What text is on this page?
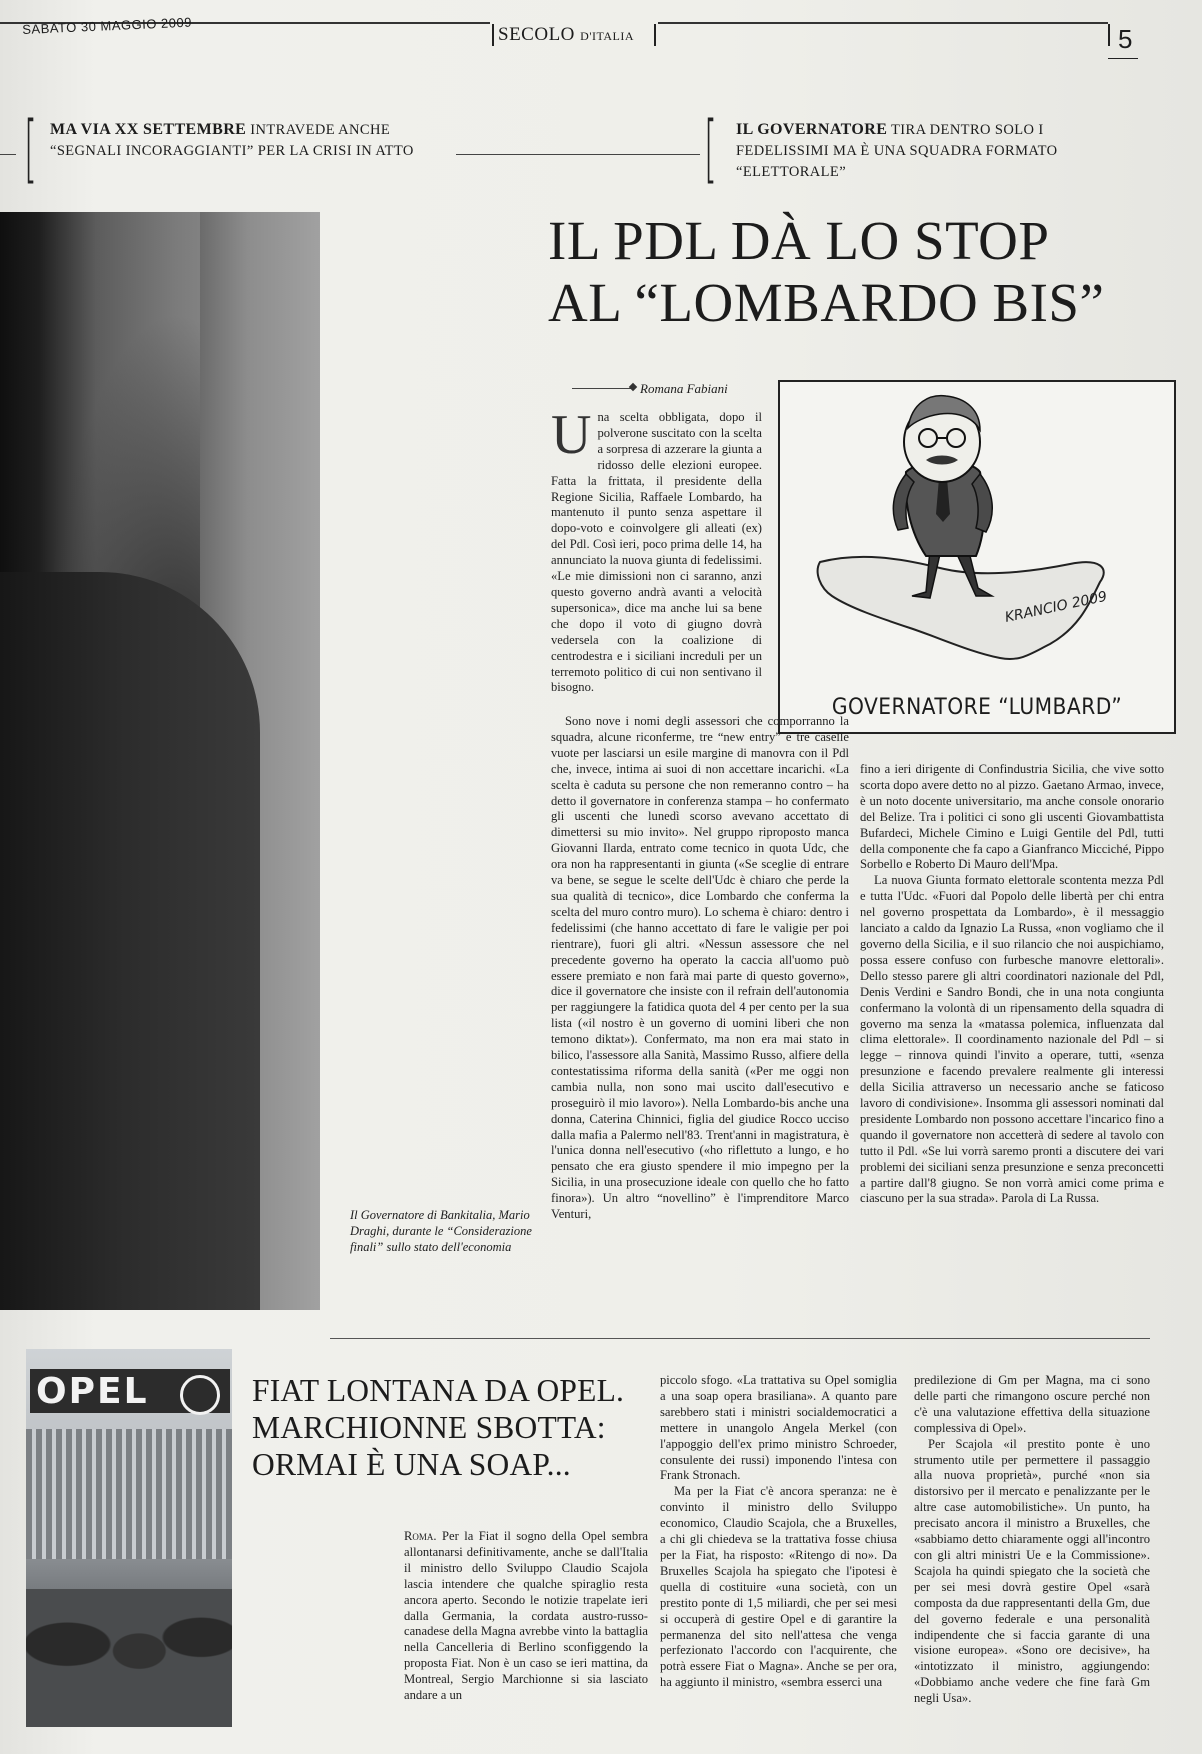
SABATO 30 MAGGIO 2009	SECOLO D'ITALIA	5
[ MA VIA XX SETTEMBRE INTRAVEDE ANCHE “SEGNALI INCORAGGIANTI” PER LA CRISI IN ATTO	[ IL GOVERNATORE TIRA DENTRO SOLO I FEDELISSIMI MA È UNA SQUADRA FORMATO “ELETTORALE”
IL PDL DÀ LO STOP
AL “LOMBARDO BIS”
Il Governatore di Bankitalia, Mario Draghi, durante le “Considerazione finali” sullo stato dell'economia
Romana Fabiani
KRANCIO 2009
GOVERNATORE “LUMBARD”

Una scelta obbligata, dopo il polverone suscitato con la scelta a sorpresa di azzerare la giunta a ridosso delle elezioni europee. Fatta la frittata, il presidente della Regione Sicilia, Raffaele Lombardo, ha mantenuto il punto senza aspettare il dopo-voto e coinvolgere gli alleati (ex) del Pdl. Così ieri, poco prima delle 14, ha annunciato la nuova giunta di fedelissimi. «Le mie dimissioni non ci saranno, anzi questo governo andrà avanti a velocità supersonica», dice ma anche lui sa bene che dopo il voto di giugno dovrà vedersela con la coalizione di centrodestra e i siciliani increduli per un terremoto politico di cui non sentivano il bisogno.

Sono nove i nomi degli assessori che comporranno la squadra, alcune riconferme, tre “new entry” e tre caselle vuote per lasciarsi un esile margine di manovra con il Pdl che, invece, intima ai suoi di non accettare incarichi. «La scelta è caduta su persone che non remeranno contro – ha detto il governatore in conferenza stampa – ho confermato gli uscenti che lunedì scorso avevano accettato di dimettersi su mio invito». Nel gruppo riproposto manca Giovanni Ilarda, entrato come tecnico in quota Udc, che ora non ha rappresentanti in giunta («Se sceglie di entrare va bene, se segue le scelte dell'Udc è chiaro che perde la sua qualità di tecnico», dice Lombardo che conferma la scelta del muro contro muro). Lo schema è chiaro: dentro i fedelissimi (che hanno accettato di fare le valigie per poi rientrare), fuori gli altri. «Nessun assessore che nel precedente governo ha operato la caccia all'uomo può essere premiato e non farà mai parte di questo governo», dice il governatore che insiste con il refrain dell'autonomia per raggiungere la fatidica quota del 4 per cento per la sua lista («il nostro è un governo di uomini liberi che non temono diktat»). Confermato, ma non era mai stato in bilico, l'assessore alla Sanità, Massimo Russo, alfiere della contestatissima riforma della sanità («Per me oggi non cambia nulla, non sono mai uscito dall'esecutivo e proseguirò il mio lavoro»). Nella Lombardo-bis anche una donna, Caterina Chinnici, figlia del giudice Rocco ucciso dalla mafia a Palermo nell'83. Trent'anni in magistratura, è l'unica donna nell'esecutivo («ho riflettuto a lungo, e ho pensato che era giusto spendere il mio impegno per la Sicilia, in una prosecuzione ideale con quello che ho fatto finora»). Un altro “novellino” è l'imprenditore Marco Venturi,

fino a ieri dirigente di Confindustria Sicilia, che vive sotto scorta dopo avere detto no al pizzo. Gaetano Armao, invece, è un noto docente universitario, ma anche console onorario del Belize. Tra i politici ci sono gli uscenti Giovambattista Bufardeci, Michele Cimino e Luigi Gentile del Pdl, tutti della componente che fa capo a Gianfranco Micciché, Pippo Sorbello e Roberto Di Mauro dell'Mpa.

La nuova Giunta formato elettorale scontenta mezza Pdl e tutta l'Udc. «Fuori dal Popolo delle libertà per chi entra nel governo prospettata da Lombardo», è il messaggio lanciato a caldo da Ignazio La Russa, «non vogliamo che il governo della Sicilia, e il suo rilancio che noi auspichiamo, possa essere confuso con furbesche manovre elettorali». Dello stesso parere gli altri coordinatori nazionale del Pdl, Denis Verdini e Sandro Bondi, che in una nota congiunta confermano la volontà di un ripensamento della squadra di governo ma senza la «matassa polemica, influenzata dal clima elettorale». Il coordinamento nazionale del Pdl – si legge – rinnova quindi l'invito a operare, tutti, «senza presunzione e facendo prevalere realmente gli interessi della Sicilia attraverso un necessario anche se faticoso lavoro di condivisione». Insomma gli assessori nominati dal presidente Lombardo non possono accettare l'incarico fino a quando il governatore non accetterà di sedere al tavolo con tutto il Pdl. «Se lui vorrà saremo pronti a discutere dei vari problemi dei siciliani senza presunzione e senza preconcetti a partire dall'8 giugno. Se non vorrà amici come prima e ciascuno per la sua strada». Parola di La Russa.

OPEL	FIAT LONTANA DA OPEL.
MARCHIONNE SBOTTA:
ORMAI È UNA SOAP...

Roma. Per la Fiat il sogno della Opel sembra allontanarsi definitivamente, anche se dall'Italia il ministro dello Sviluppo Claudio Scajola lascia intendere che qualche spiraglio resta ancora aperto. Secondo le notizie trapelate ieri dalla Germania, la cordata austro-russo-canadese della Magna avrebbe vinto la battaglia nella Cancelleria di Berlino sconfiggendo la proposta Fiat. Non è un caso se ieri mattina, da Montreal, Sergio Marchionne si sia lasciato andare a un

piccolo sfogo. «La trattativa su Opel somiglia a una soap opera brasiliana». A quanto pare sarebbero stati i ministri socialdemocratici a mettere in unangolo Angela Merkel (con l'appoggio dell'ex primo ministro Schroeder, consulente dei russi) imponendo l'intesa con Frank Stronach.

Ma per la Fiat c'è ancora speranza: ne è convinto il ministro dello Sviluppo economico, Claudio Scajola, che a Bruxelles, a chi gli chiedeva se la trattativa fosse chiusa per la Fiat, ha risposto: «Ritengo di no». Da Bruxelles Scajola ha spiegato che l'ipotesi è quella di costituire «una società, con un prestito ponte di 1,5 miliardi, che per sei mesi si occuperà di gestire Opel e di garantire la permanenza del sito nell'attesa che venga perfezionato l'accordo con l'acquirente, che potrà essere Fiat o Magna». Anche se per ora, ha aggiunto il ministro, «sembra esserci una

predilezione di Gm per Magna, ma ci sono delle parti che rimangono oscure perché non c'è una valutazione effettiva della situazione complessiva di Opel».

Per Scajola «il prestito ponte è uno strumento utile per permettere il passaggio alla nuova proprietà», purché «non sia distorsivo per il mercato e penalizzante per le altre case automobilistiche». Un punto, ha precisato ancora il ministro a Bruxelles, che «sabbiamo detto chiaramente oggi all'incontro con gli altri ministri Ue e la Commissione». Scajola ha quindi spiegato che la società che per sei mesi dovrà gestire Opel «sarà composta da due rappresentanti della Gm, due del governo federale e una personalità indipendente che si faccia garante di una visione europea». «Sono ore decisive», ha «intotizzato il ministro, aggiungendo: «Dobbiamo anche vedere che fine farà Gm negli Usa».
